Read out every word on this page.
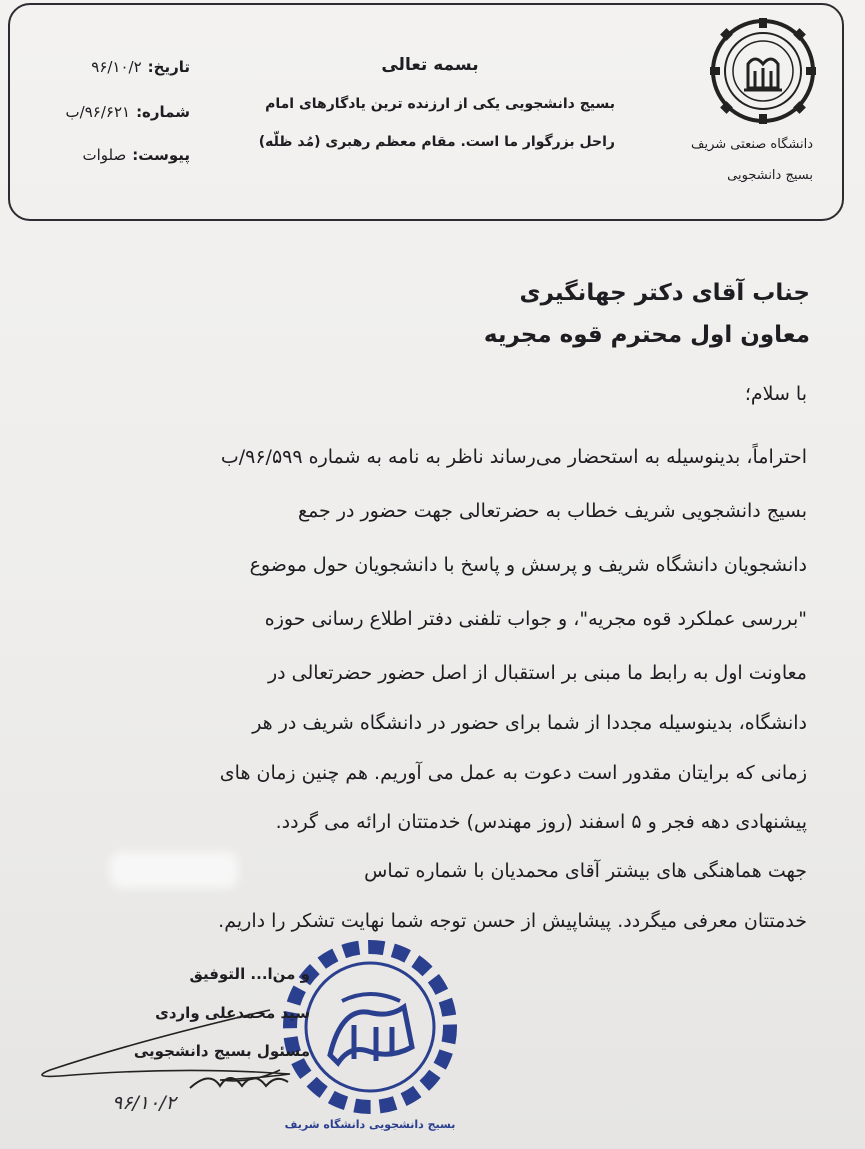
دانشگاه صنعتی شریف
بسیج دانشجویی
بسمه تعالی
بسیج دانشجویی یکی از ارزنده ترین یادگارهای امام
راحل بزرگوار ما است. مقام معظم رهبری (مُد ظلّه)
تاریخ:۹۶/۱۰/۲
شماره:۹۶/۶۲۱/ب
پیوست:صلوات
جناب آقای دکتر جهانگیری
معاون اول محترم قوه مجریه
با سلام؛
احتراماً، بدینوسیله به استحضار می‌رساند ناظر به نامه به شماره ۹۶/۵۹۹/ب
بسیج دانشجویی شریف خطاب به حضرتعالی جهت حضور در جمع
دانشجویان دانشگاه شریف و پرسش و پاسخ با دانشجویان حول موضوع
"بررسی عملکرد قوه مجریه"، و جواب تلفنی دفتر اطلاع رسانی حوزه
معاونت اول به رابط ما مبنی بر استقبال از اصل حضور حضرتعالی در
دانشگاه، بدینوسیله مجددا از شما برای حضور در دانشگاه شریف در هر
زمانی که برایتان مقدور است دعوت به عمل می آوریم. هم چنین زمان های
پیشنهادی دهه فجر و ۵ اسفند (روز مهندس) خدمتتان ارائه می گردد.
جهت هماهنگی های بیشتر آقای محمدیان با شماره تماس
خدمتتان معرفی میگردد. پیشاپیش از حسن توجه شما نهایت تشکر را داریم.
بسیج دانشجویی دانشگاه شریف
و من‌ا... التوفیق
سید محمدعلی واردی
مسئول بسیج دانشجویی
۹۶/۱۰/۲
